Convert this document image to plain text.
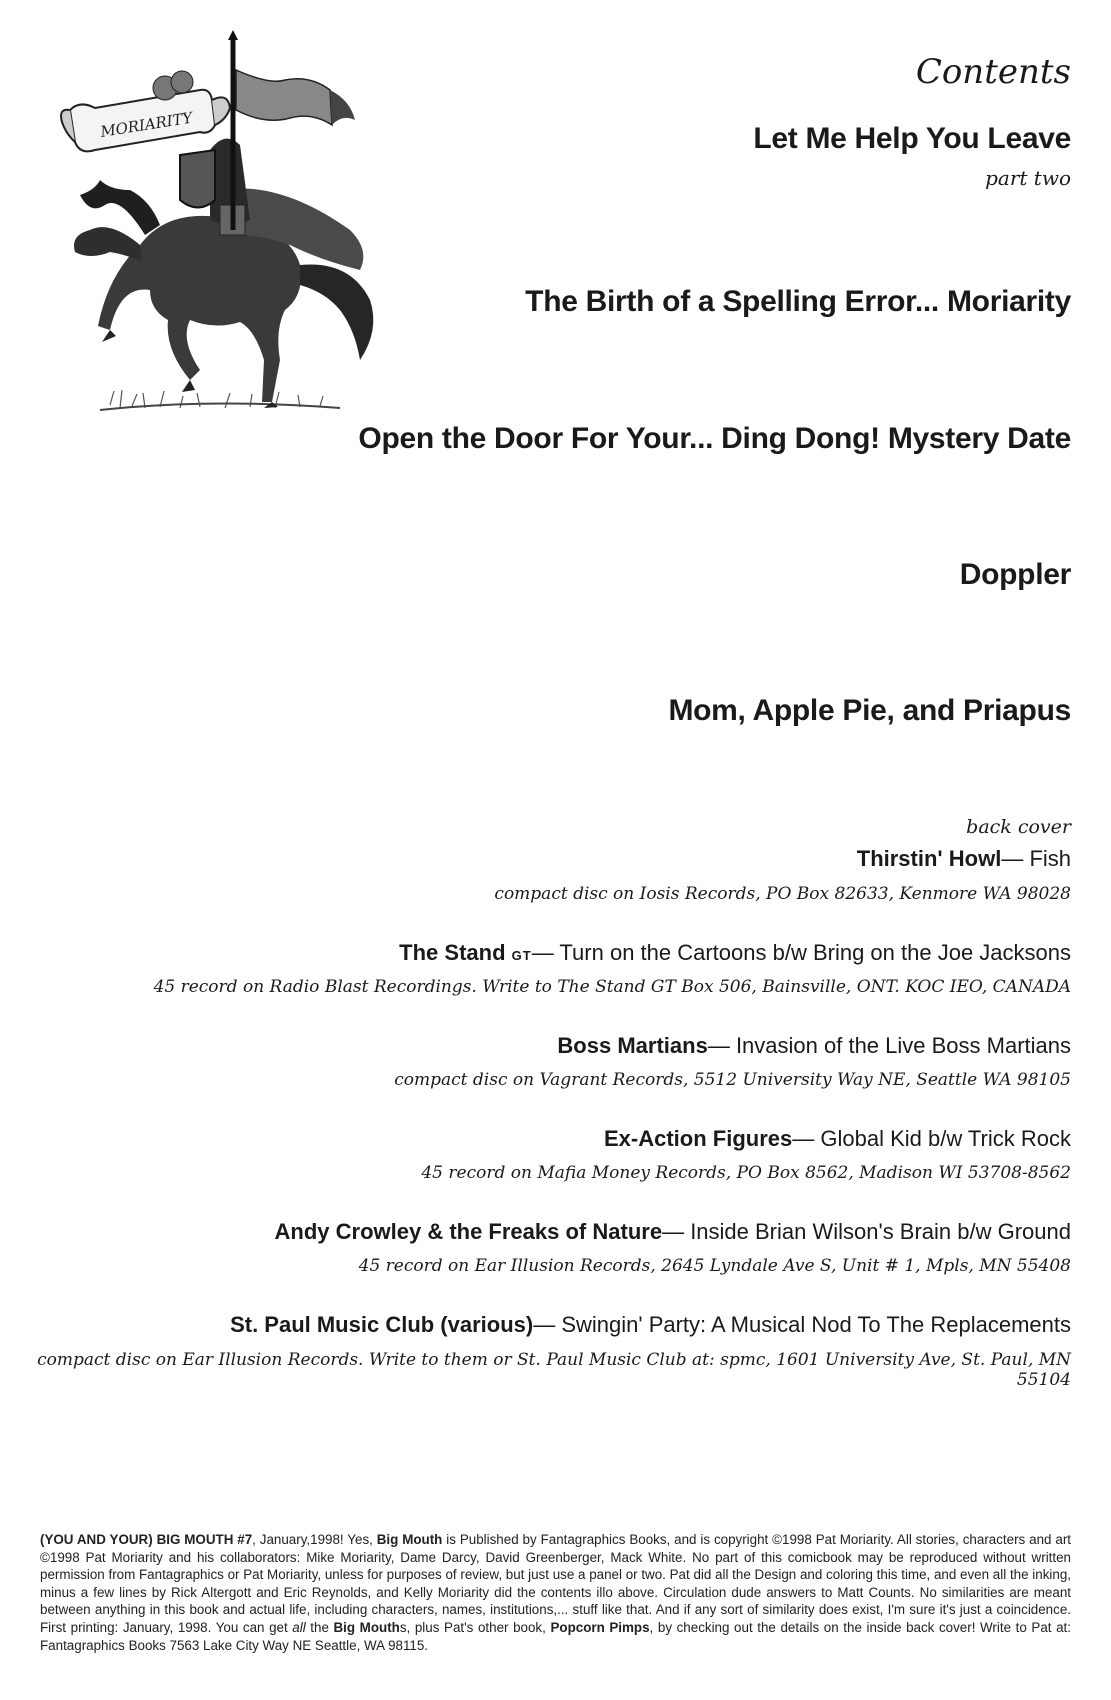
MORIARITY
Contents
Let Me Help You Leave
part two
The Birth of a Spelling Error... Moriarity
Open the Door For Your... Ding Dong! Mystery Date
Doppler
Mom, Apple Pie, and Priapus
back cover
Thirstin' Howl— Fish
compact disc on Iosis Records, PO Box 82633, Kenmore WA 98028
The Stand GT— Turn on the Cartoons b/w Bring on the Joe Jacksons
45 record on Radio Blast Recordings. Write to The Stand GT Box 506, Bainsville, ONT. KOC IEO, CANADA
Boss Martians— Invasion of the Live Boss Martians
compact disc on Vagrant Records, 5512 University Way NE, Seattle WA 98105
Ex-Action Figures— Global Kid b/w Trick Rock
45 record on Mafia Money Records, PO Box 8562, Madison WI 53708-8562
Andy Crowley & the Freaks of Nature— Inside Brian Wilson's Brain b/w Ground
45 record on Ear Illusion Records, 2645 Lyndale Ave S, Unit # 1, Mpls, MN 55408
St. Paul Music Club (various)— Swingin' Party: A Musical Nod To The Replacements
compact disc on Ear Illusion Records. Write to them or St. Paul Music Club at: spmc, 1601 University Ave, St. Paul, MN 55104
(YOU AND YOUR) BIG MOUTH #7, January,1998! Yes, Big Mouth is Published by Fantagraphics Books, and is copyright ©1998 Pat Moriarity. All stories, characters and art ©1998 Pat Moriarity and his collaborators: Mike Moriarity, Dame Darcy, David Greenberger, Mack White. No part of this comicbook may be reproduced without written permission from Fantagraphics or Pat Moriarity, unless for purposes of review, but just use a panel or two. Pat did all the Design and coloring this time, and even all the inking, minus a few lines by Rick Altergott and Eric Reynolds, and Kelly Moriarity did the contents illo above. Circulation dude answers to Matt Counts. No similarities are meant between anything in this book and actual life, including characters, names, institutions,... stuff like that. And if any sort of similarity does exist, I'm sure it's just a coincidence. First printing: January, 1998. You can get all the Big Mouths, plus Pat's other book, Popcorn Pimps, by checking out the details on the inside back cover! Write to Pat at: Fantagraphics Books 7563 Lake City Way NE Seattle, WA 98115.
